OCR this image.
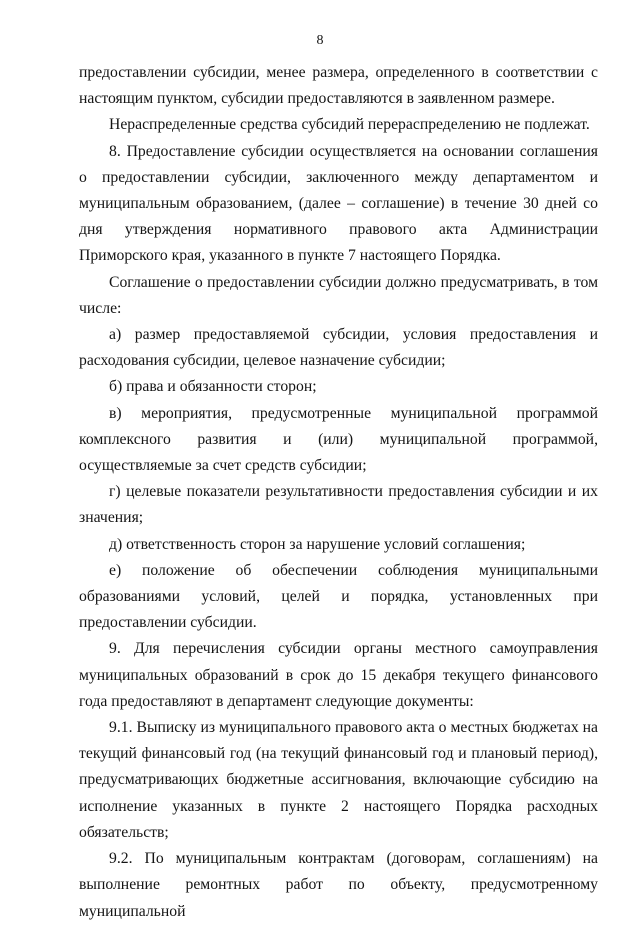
8

предоставлении субсидии, менее размера, определенного в соответствии с настоящим пунктом, субсидии предоставляются в заявленном размере.

Нераспределенные средства субсидий перераспределению не подлежат.

8. Предоставление субсидии осуществляется на основании соглашения о предоставлении субсидии, заключенного между департаментом и муниципальным образованием, (далее – соглашение) в течение 30 дней со дня утверждения нормативного правового акта Администрации Приморского края, указанного в пункте 7 настоящего Порядка.

Соглашение о предоставлении субсидии должно предусматривать, в том числе:

а) размер предоставляемой субсидии, условия предоставления и расходования субсидии, целевое назначение субсидии;

б) права и обязанности сторон;

в) мероприятия, предусмотренные муниципальной программой комплексного развития и (или) муниципальной программой, осуществляемые за счет средств субсидии;

г) целевые показатели результативности предоставления субсидии и их значения;

д) ответственность сторон за нарушение условий соглашения;

е) положение об обеспечении соблюдения муниципальными образованиями условий, целей и порядка, установленных при предоставлении субсидии.

9. Для перечисления субсидии органы местного самоуправления муниципальных образований в срок до 15 декабря текущего финансового года предоставляют в департамент следующие документы:

9.1. Выписку из муниципального правового акта о местных бюджетах на текущий финансовый год (на текущий финансовый год и плановый период), предусматривающих бюджетные ассигнования, включающие субсидию на исполнение указанных в пункте 2 настоящего Порядка расходных обязательств;

9.2. По муниципальным контрактам (договорам, соглашениям) на выполнение ремонтных работ по объекту, предусмотренному муниципальной
